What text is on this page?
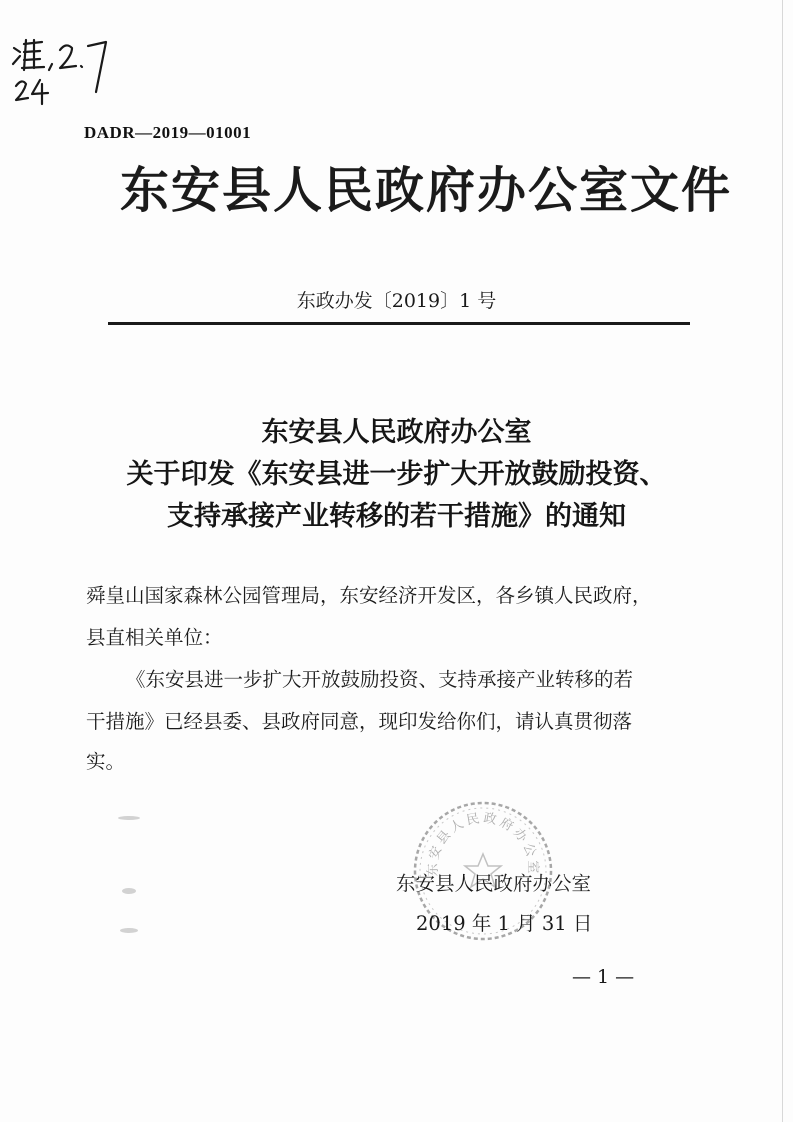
DADR—2019—01001
东安县人民政府办公室文件
东政办发〔2019〕1 号
东安县人民政府办公室
关于印发《东安县进一步扩大开放鼓励投资、
支持承接产业转移的若干措施》的通知
舜皇山国家森林公园管理局，东安经济开发区，各乡镇人民政府，
县直相关单位：
《东安县进一步扩大开放鼓励投资、支持承接产业转移的若
干措施》已经县委、县政府同意，现印发给你们，请认真贯彻落
实。
东安县人民政府办公室
东安县人民政府办公室
2019 年 1 月 31 日
— 1 —
